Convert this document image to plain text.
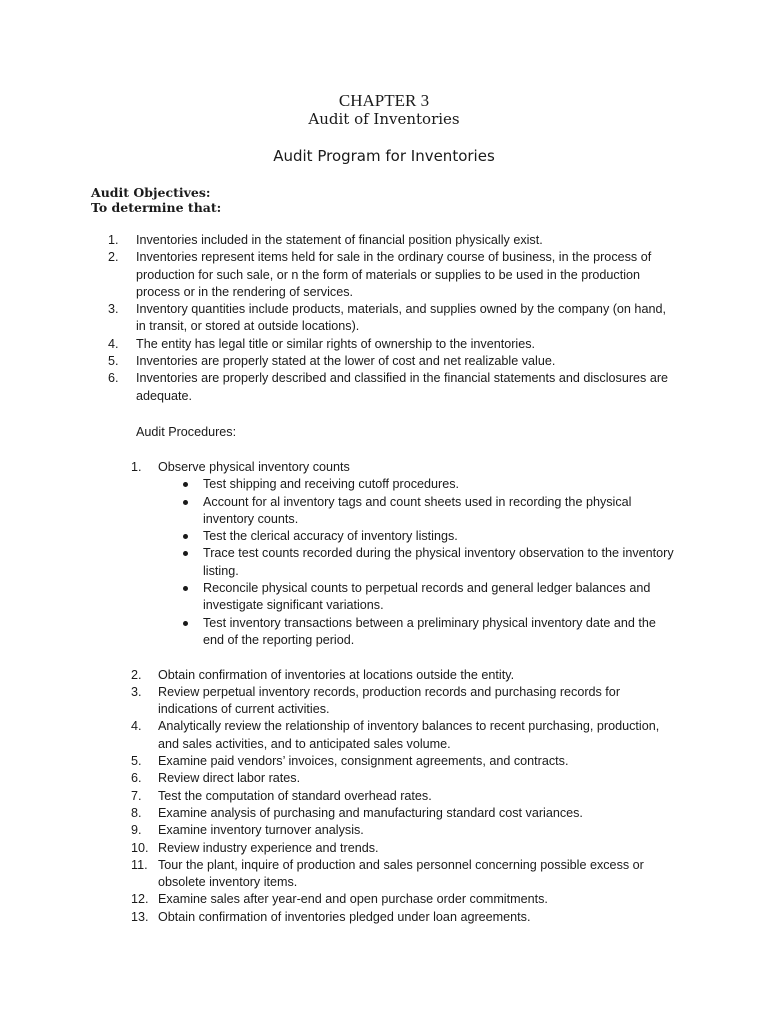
CHAPTER 3
Audit of Inventories
Audit Program for Inventories
Audit Objectives:
To determine that:
1.	Inventories included in the statement of financial position physically exist.
2.	Inventories represent items held for sale in the ordinary course of business, in the process of production for such sale, or n the form of materials or supplies to be used in the production process or in the rendering of services.
3.	Inventory quantities include products, materials, and supplies owned by the company (on hand, in transit, or stored at outside locations).
4.	The entity has legal title or similar rights of ownership to the inventories.
5.	Inventories are properly stated at the lower of cost and net realizable value.
6.	Inventories are properly described and classified in the financial statements and disclosures are adequate.
Audit Procedures:
1.	Observe physical inventory counts
Test shipping and receiving cutoff procedures.
Account for al inventory tags and count sheets used in recording the physical inventory counts.
Test the clerical accuracy of inventory listings.
Trace test counts recorded during the physical inventory observation to the inventory listing.
Reconcile physical counts to perpetual records and general ledger balances and investigate significant variations.
Test inventory transactions between a preliminary physical inventory date and the end of the reporting period.
2.	Obtain confirmation of inventories at locations outside the entity.
3.	Review perpetual inventory records, production records and purchasing records for indications of current activities.
4.	Analytically review the relationship of inventory balances to recent purchasing, production, and sales activities, and to anticipated sales volume.
5.	Examine paid vendors’ invoices, consignment agreements, and contracts.
6.	Review direct labor rates.
7.	Test the computation of standard overhead rates.
8.	Examine analysis of purchasing and manufacturing standard cost variances.
9.	Examine inventory turnover analysis.
10. Review industry experience and trends.
11. Tour the plant, inquire of production and sales personnel concerning possible excess or obsolete inventory items.
12. Examine sales after year-end and open purchase order commitments.
13. Obtain confirmation of inventories pledged under loan agreements.
